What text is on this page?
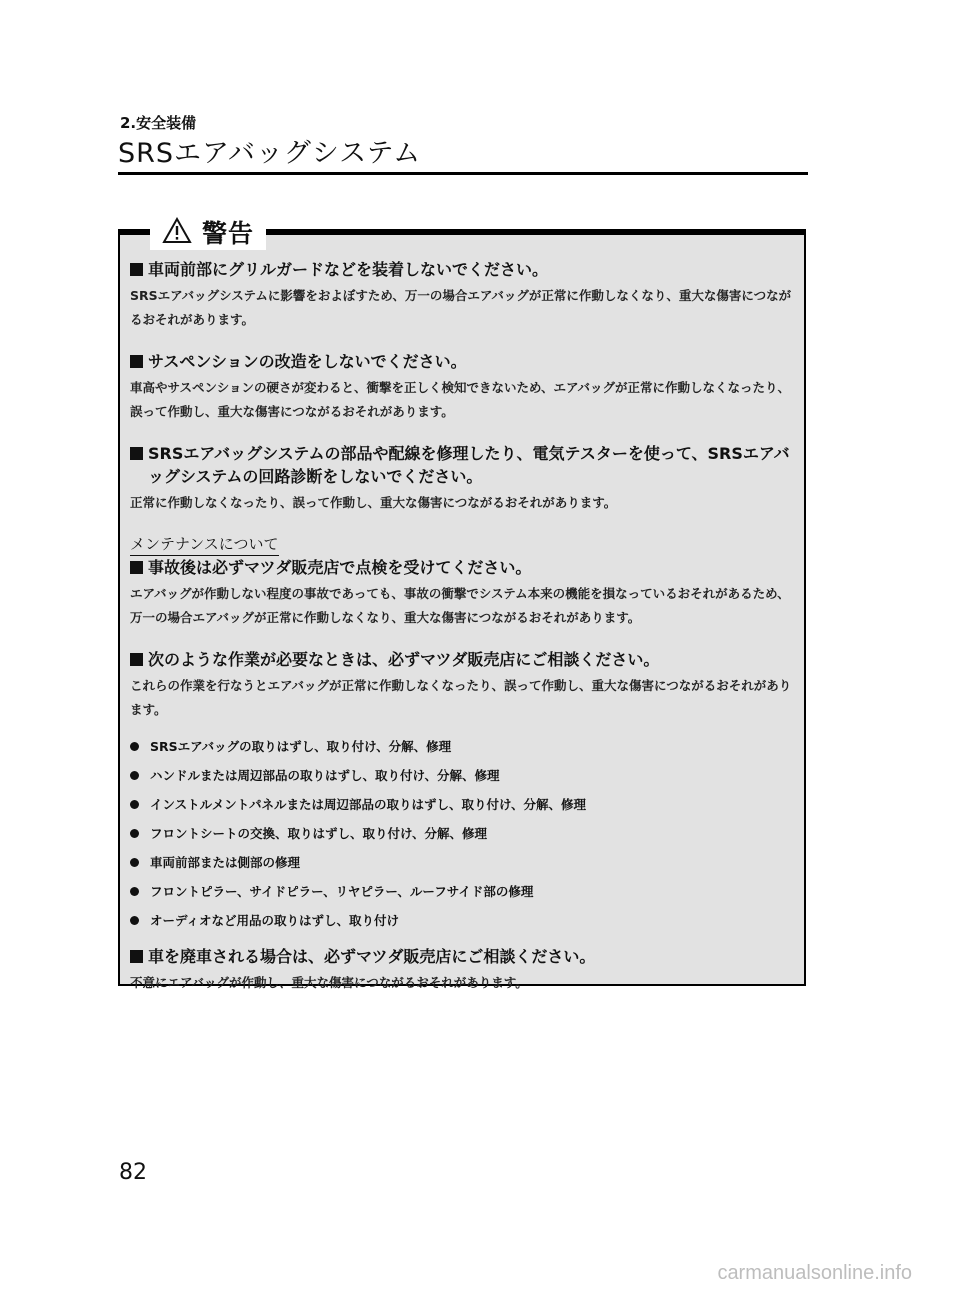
2.安全装備
SRSエアバッグシステム
警告

車両前部にグリルガードなどを装着しないでください。

SRSエアバッグシステムに影響をおよぼすため、万一の場合エアバッグが正常に作動しなくなり、重大な傷害につながるおそれがあります。

サスペンションの改造をしないでください。

車高やサスペンションの硬さが変わると、衝撃を正しく検知できないため、エアバッグが正常に作動しなくなったり、誤って作動し、重大な傷害につながるおそれがあります。

SRSエアバッグシステムの部品や配線を修理したり、電気テスターを使って、SRSエアバッグシステムの回路診断をしないでください。

正常に作動しなくなったり、誤って作動し、重大な傷害につながるおそれがあります。

メンテナンスについて

事故後は必ずマツダ販売店で点検を受けてください。

エアバッグが作動しない程度の事故であっても、事故の衝撃でシステム本来の機能を損なっているおそれがあるため、万一の場合エアバッグが正常に作動しなくなり、重大な傷害につながるおそれがあります。

次のような作業が必要なときは、必ずマツダ販売店にご相談ください。

これらの作業を行なうとエアバッグが正常に作動しなくなったり、誤って作動し、重大な傷害につながるおそれがあります。

SRSエアバッグの取りはずし、取り付け、分解、修理
ハンドルまたは周辺部品の取りはずし、取り付け、分解、修理
インストルメントパネルまたは周辺部品の取りはずし、取り付け、分解、修理
フロントシートの交換、取りはずし、取り付け、分解、修理
車両前部または側部の修理
フロントピラー、サイドピラー、リヤピラー、ルーフサイド部の修理
オーディオなど用品の取りはずし、取り付け

車を廃車される場合は、必ずマツダ販売店にご相談ください。

不意にエアバッグが作動し、重大な傷害につながるおそれがあります。

82
carmanualsonline.info
